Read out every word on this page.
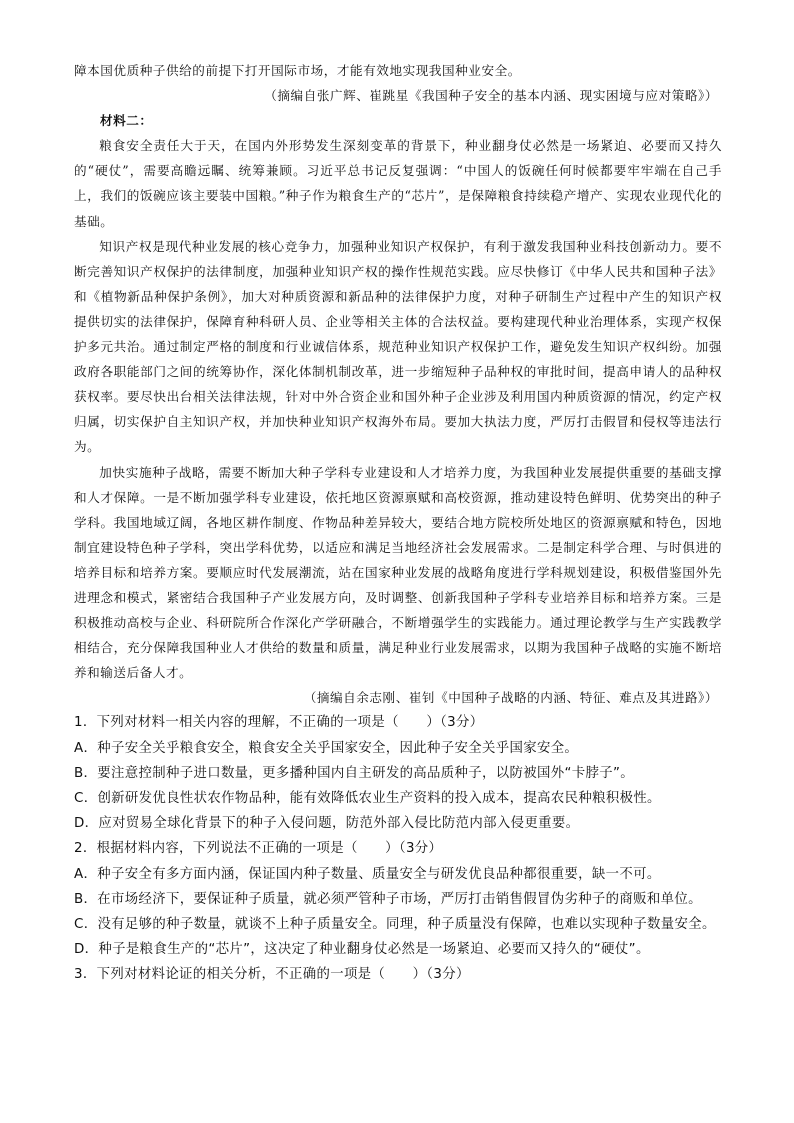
障本国优质种子供给的前提下打开国际市场，才能有效地实现我国种业安全。

（摘编自张广辉、崔跳星《我国种子安全的基本内涵、现实困境与应对策略》）

材料二：

粮食安全责任大于天，在国内外形势发生深刻变革的背景下，种业翻身仗必然是一场紧迫、必要而又持久的“硬仗”，需要高瞻远瞩、统筹兼顾。习近平总书记反复强调：“中国人的饭碗任何时候都要牢牢端在自己手上，我们的饭碗应该主要装中国粮。”种子作为粮食生产的“芯片”，是保障粮食持续稳产增产、实现农业现代化的基础。

知识产权是现代种业发展的核心竞争力，加强种业知识产权保护，有利于激发我国种业科技创新动力。要不断完善知识产权保护的法律制度，加强种业知识产权的操作性规范实践。应尽快修订《中华人民共和国种子法》和《植物新品种保护条例》，加大对种质资源和新品种的法律保护力度，对种子研制生产过程中产生的知识产权提供切实的法律保护，保障育种科研人员、企业等相关主体的合法权益。要构建现代种业治理体系，实现产权保护多元共治。通过制定严格的制度和行业诚信体系，规范种业知识产权保护工作，避免发生知识产权纠纷。加强政府各职能部门之间的统筹协作，深化体制机制改革，进一步缩短种子品种权的审批时间，提高申请人的品种权获权率。要尽快出台相关法律法规，针对中外合资企业和国外种子企业涉及利用国内种质资源的情况，约定产权归属，切实保护自主知识产权，并加快种业知识产权海外布局。要加大执法力度，严厉打击假冒和侵权等违法行为。

加快实施种子战略，需要不断加大种子学科专业建设和人才培养力度，为我国种业发展提供重要的基础支撑和人才保障。一是不断加强学科专业建设，依托地区资源禀赋和高校资源，推动建设特色鲜明、优势突出的种子学科。我国地域辽阔，各地区耕作制度、作物品种差异较大，要结合地方院校所处地区的资源禀赋和特色，因地制宜建设特色种子学科，突出学科优势，以适应和满足当地经济社会发展需求。二是制定科学合理、与时俱进的培养目标和培养方案。要顺应时代发展潮流，站在国家种业发展的战略角度进行学科规划建设，积极借鉴国外先进理念和模式，紧密结合我国种子产业发展方向，及时调整、创新我国种子学科专业培养目标和培养方案。三是积极推动高校与企业、科研院所合作深化产学研融合，不断增强学生的实践能力。通过理论教学与生产实践教学相结合，充分保障我国种业人才供给的数量和质量，满足种业行业发展需求，以期为我国种子战略的实施不断培养和输送后备人才。

（摘编自余志刚、崔钊《中国种子战略的内涵、特征、难点及其进路》）

1．下列对材料一相关内容的理解，不正确的一项是（　　）（3分）

A．种子安全关乎粮食安全，粮食安全关乎国家安全，因此种子安全关乎国家安全。

B．要注意控制种子进口数量，更多播种国内自主研发的高品质种子，以防被国外“卡脖子”。

C．创新研发优良性状农作物品种，能有效降低农业生产资料的投入成本，提高农民种粮积极性。

D．应对贸易全球化背景下的种子入侵问题，防范外部入侵比防范内部入侵更重要。

2．根据材料内容，下列说法不正确的一项是（　　）（3分）

A．种子安全有多方面内涵，保证国内种子数量、质量安全与研发优良品种都很重要，缺一不可。

B．在市场经济下，要保证种子质量，就必须严管种子市场，严厉打击销售假冒伪劣种子的商贩和单位。

C．没有足够的种子数量，就谈不上种子质量安全。同理，种子质量没有保障，也难以实现种子数量安全。

D．种子是粮食生产的“芯片”，这决定了种业翻身仗必然是一场紧迫、必要而又持久的“硬仗”。

3．下列对材料论证的相关分析，不正确的一项是（　　）（3分）
